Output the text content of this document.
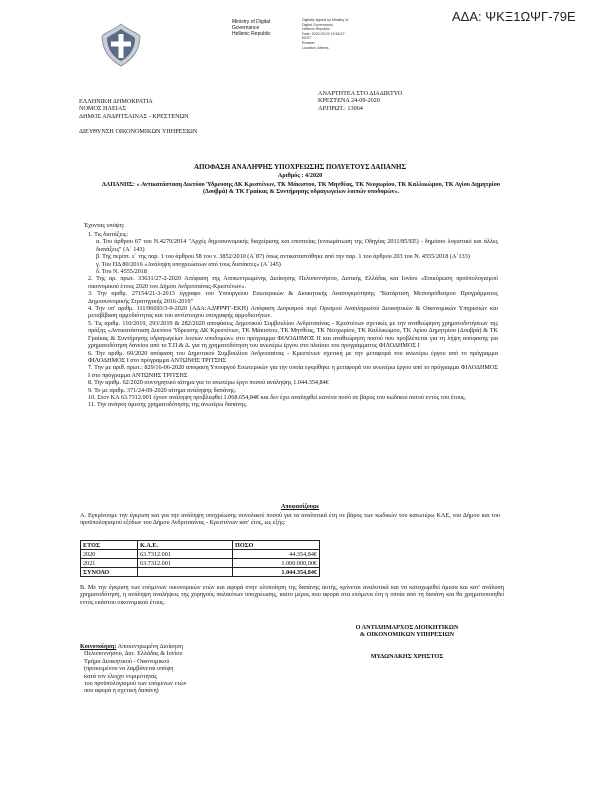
ΑΔΑ: ΨΚΞ1ΩΨΓ-79Ε

Ministry of Digital

Governance

Hellenic Republic

Digitally signed by Ministry of

Digital Governance,

Hellenic Republic

Date: 2020.09.24 15:58:27

EEST

Reason:

Location: Athens

ΕΛΛΗΝΙΚΗ ΔΗΜΟΚΡΑΤΙΑ

ΝΟΜΟΣ ΗΛΕΙΑΣ

ΔΗΜΟΣ ΑΝΔΡΙΤΣΑΙΝΑΣ - ΚΡΕΣΤΕΝΩΝ

ΔΙΕΥΘΥΝΣΗ ΟΙΚΟΝΟΜΙΚΩΝ ΥΠΗΡΕΣΙΩΝ

ΑΝΑΡΤΗΤΕΑ ΣΤΟ ΔΙΑΔΙΚΤΥΟ

ΚΡΕΣΤΕΝΑ 24-09-2020

ΑΡ.ΠΡΩΤ.: 13064

ΑΠΟΦΑΣΗ ΑΝΑΛΗΨΗΣ ΥΠΟΧΡΕΩΣΗΣ ΠΟΛΥΕΤΟΥΣ ΔΑΠΑΝΗΣ
Αριθμός : 4/2020
ΔΑΠΑΝΗΣ: « Αντικατάσταση Δικτύου Ύδρευσης ΔΚ Κρεστένων, ΤΚ Μάκιστου, ΤΚ Μηνθέας, ΤΚ Νεοχωρίου, ΤΚ Καλλικώμου, ΤΚ Αγίου Δημητρίου (Δουβρά) & ΤΚ Γραίκας & Συντήρησης υδραγωγείων λοιπών υποδομών».
Έχοντας υπόψη:

1. Τις διατάξεις:

α. Του άρθρου 67 του Ν.4270/2014 "Αρχές δημοσιονομικής διαχείρισης και εποπτείας (ενσωμάτωση της Οδηγίας 2011/85/ΕΕ) - δημόσιο λογιστικό και άλλες διατάξεις" (Α΄ 143)

β. Της περίπτ. ε΄ της παρ. 1 του άρθρου 58 του ν. 3852/2010 (Α΄87) όπως αντικαταστάθηκε από την παρ. 1 του άρθρου 203 του Ν. 4555/2018 (Α΄133)

γ. Του ΠΔ 80/2016 «Ανάληψη υποχρεώσεων από τους διατάκτες» (Α΄145)

δ. Του Ν. 4555/2018

2. Της αρ. πρωτ. 33631/27-2-2020 Απόφαση της Αποκεντρωμένης Διοίκησης Πελοποννήσου, Δυτικής Ελλάδας και Ιονίου «Επικύρωση προϋπολογισμού οικονομικού έτους 2020 του Δήμου Ανδριτσαίνας-Κρεστένων».

3. Την αριθμ. 27154/21-3-2013 έγγραφο του Υπουργείου Εσωτερικών & Διοικητικής Ανασυγκρότησης "Κατάρτιση Μεσοπρόθεσμου Προγράμματος Δημοσιονομικής Στρατηγικής 2016-2019"

4. Την υπ' αριθμ. 111/96693/3-9-2020 (ΑΔΑ:ΑΔΨΡΨΓ-ΕΚΗ) Απόφαση Διορισμού περί Ορισμού Αναπληρωτού Διοικητικών & Οικονομικών Υπηρεσιών και μεταβίβαση αρμοδιότητας και του αντίστοιχου υπογραφής αρμοδιοτήτων.

5. Τις αριθμ. 110/2019, 293/2019 & 282/2020 αποφάσεις Δημοτικού Συμβουλίου Ανδριτσαίνας - Κρεστένων σχετικές με την αναθεώρηση χρηματοδοτήσεων της πράξης «Αντικατάσταση Δικτύου Ύδρευσης ΔΚ Κρεστένων, ΤΚ Μάκιστου, ΤΚ Μηνθέας, ΤΚ Νεοχωρίου, ΤΚ Καλλικώμου, ΤΚ Αγίου Δημητρίου (Δουβρά) & ΤΚ Γραίκας & Συντήρησης υδραγωγείων λοιπών υποδομών» στο πρόγραμμα ΦΙΛΟΔΗΜΟΣ ΙΙ και αναθεώρηση ποσού που προβλέπεται για τη λήψη απόφασης για χρηματοδότηση δανείου από το Τ.Π.& Δ. για τη χρηματοδότηση του ανωτέρω έργου στο πλαίσιο του προγράμματος ΦΙΛΟΔΗΜΟΣ Ι

6. Την αριθμ. 60/2020 απόφαση του Δημοτικού Συμβουλίου Ανδριτσαίνας - Κρεστένων σχετική με την μεταφορά του ανωτέρω έργου από το πρόγραμμα ΦΙΛΟΔΗΜΟΣ Ι στο πρόγραμμα ΑΝΤΩΝΗΣ ΤΡΙΤΣΗΣ

7. Την με αριθ. πρωτ.: 829/16-06-2020 απόφαση Υπουργού Εσωτερικών για την οποία εγκρίθηκε η μεταφορά του ανωτέρω έργου από το πρόγραμμα ΦΙΛΟΔΗΜΟΣ Ι στο πρόγραμμα ΑΝΤΩΝΗΣ ΤΡΙΤΣΗΣ

8. Την αριθμ. 62/2020 συντηρητικό αίτημα για το ανωτέρω έργο ποσού ανάληψης 1.044.354,84€

9. Το με αριθμ. 371/24-09-2020 αίτημα ανάληψης δαπάνης.

10. Στον ΚΑ 63.7312.001 έχουν ανάληψη προβλεφθεί 1.068.654,84€ και δεν έχει αναληφθεί κανένα ποσό σε βάρος του κωδικού αυτού εντός του έτους.

11. Την ανάγκη άμεσης χρηματοδότησης της ανωτέρω δαπάνης.

Αποφασίζουμε
Α. Εγκρίνουμε την έγκριση και για την ανάληψη υποχρέωσης συνολικού ποσού για τα αναλυτικά έτη σε βάρος των κωδικών του κατωτέρω ΚΑΕ, του Δήμου και του προϋπολογισμού εξόδων του Δήμου Ανδριτσαίνας - Κρεστένων κατ' έτος, ως εξής:
ΕΤΟΣ	Κ.Α.Ε.	ΠΟΣΟ
2020	63.7312.001	44.354,84€
2021	63.7312.001	1.000.000,00€
ΣΥΝΟΛΟ		1.044.354,84€
Β. Με την έγκριση των επόμενων οικονομικών ετών και αφορά στην υλοποίηση της δαπάνης αυτής, κρίνεται αναλυτικά και να καταχωριθεί άμεσα και κατ' ανάλυση χρηματοδότηση, η ανάληψη αναλήψεις της χορηγούς παλαιότων υποχρέωσης, καιτο μέρος που αφορά στα επόμενα έτη η οποία από τη δαπάνη και θα χρηματοποιηθεί εντός εκάστου οικονομικού έτους.

Ο ΑΝΤΙΔΗΜΑΡΧΟΣ ΔΙΟΙΚΗΤΙΚΩΝ

& ΟΙΚΟΝΟΜΙΚΩΝ ΥΠΗΡΕΣΙΩΝ

ΜΥΔΩΝΑΚΗΣ ΧΡΗΣΤΟΣ

Κοινοποίηση: Αποκεντρωμένη Διοίκηση

Πελοποννήσου, Δυτ. Ελλάδας & Ιονίου

Τμήμα Διοικητικού - Οικονομικού

(προκειμένου να λαμβάνεται υπόψη

κατά τον έλεγχο νομιμότητας

του προϋπολογισμού των επόμενων ετών

που αφορά η σχετική δαπάνη)
